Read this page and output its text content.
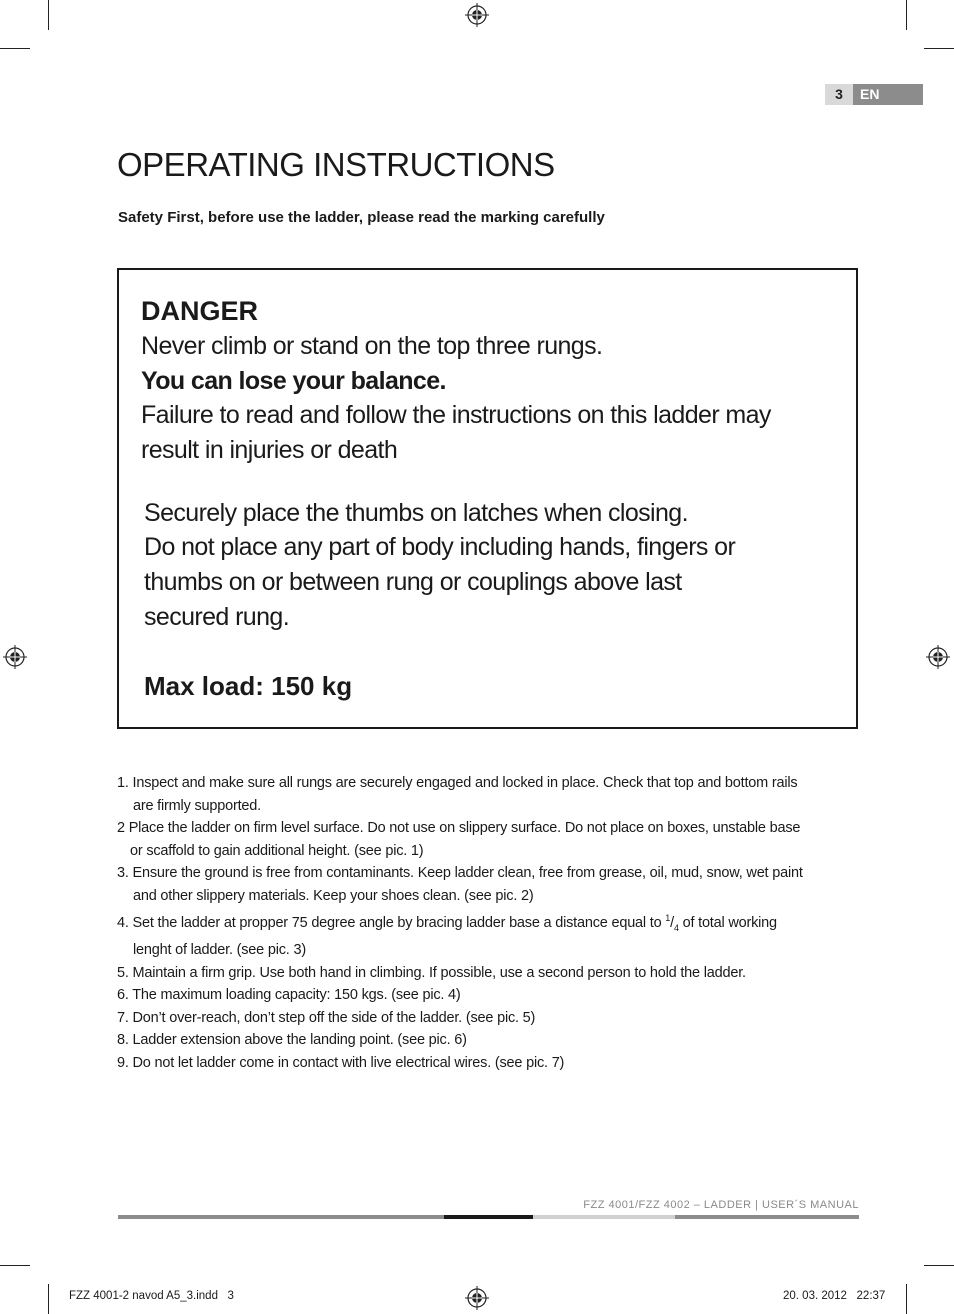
3	EN
OPERATING INSTRUCTIONS
Safety First, before use the ladder, please read the marking carefully
DANGER
Never climb or stand on the top three rungs.
You can lose your balance.
Failure to read and follow the instructions on this ladder may
result in injuries or death
Securely place the thumbs on latches when closing.
Do not place any part of body including hands, fingers or
thumbs on or between rung or couplings above last
secured rung.
Max load: 150 kg
1. Inspect and make sure all rungs are securely engaged and locked in place. Check that top and bottom rails
are firmly supported.
2 Place the ladder on firm level surface. Do not use on slippery surface. Do not place on boxes, unstable base
or scaffold to gain additional height. (see pic. 1)
3. Ensure the ground is free from contaminants. Keep ladder clean, free from grease, oil, mud, snow, wet paint
and other slippery materials. Keep your shoes clean. (see pic. 2)
4. Set the ladder at propper 75 degree angle by bracing ladder base a distance equal to $^1/_4$ of total working
lenght of ladder. (see pic. 3)
5. Maintain a firm grip. Use both hand in climbing. If possible, use a second person to hold the ladder.
6. The maximum loading capacity: 150 kgs. (see pic. 4)
7. Don’t over-reach, don’t step off the side of the ladder. (see pic. 5)
8. Ladder extension above the landing point. (see pic. 6)
9. Do not let ladder come in contact with live electrical wires. (see pic. 7)
FZZ 4001/FZZ 4002 – LADDER | USER´S MANUAL
FZZ 4001-2 navod A5_3.indd   3	20. 03. 2012   22:37
